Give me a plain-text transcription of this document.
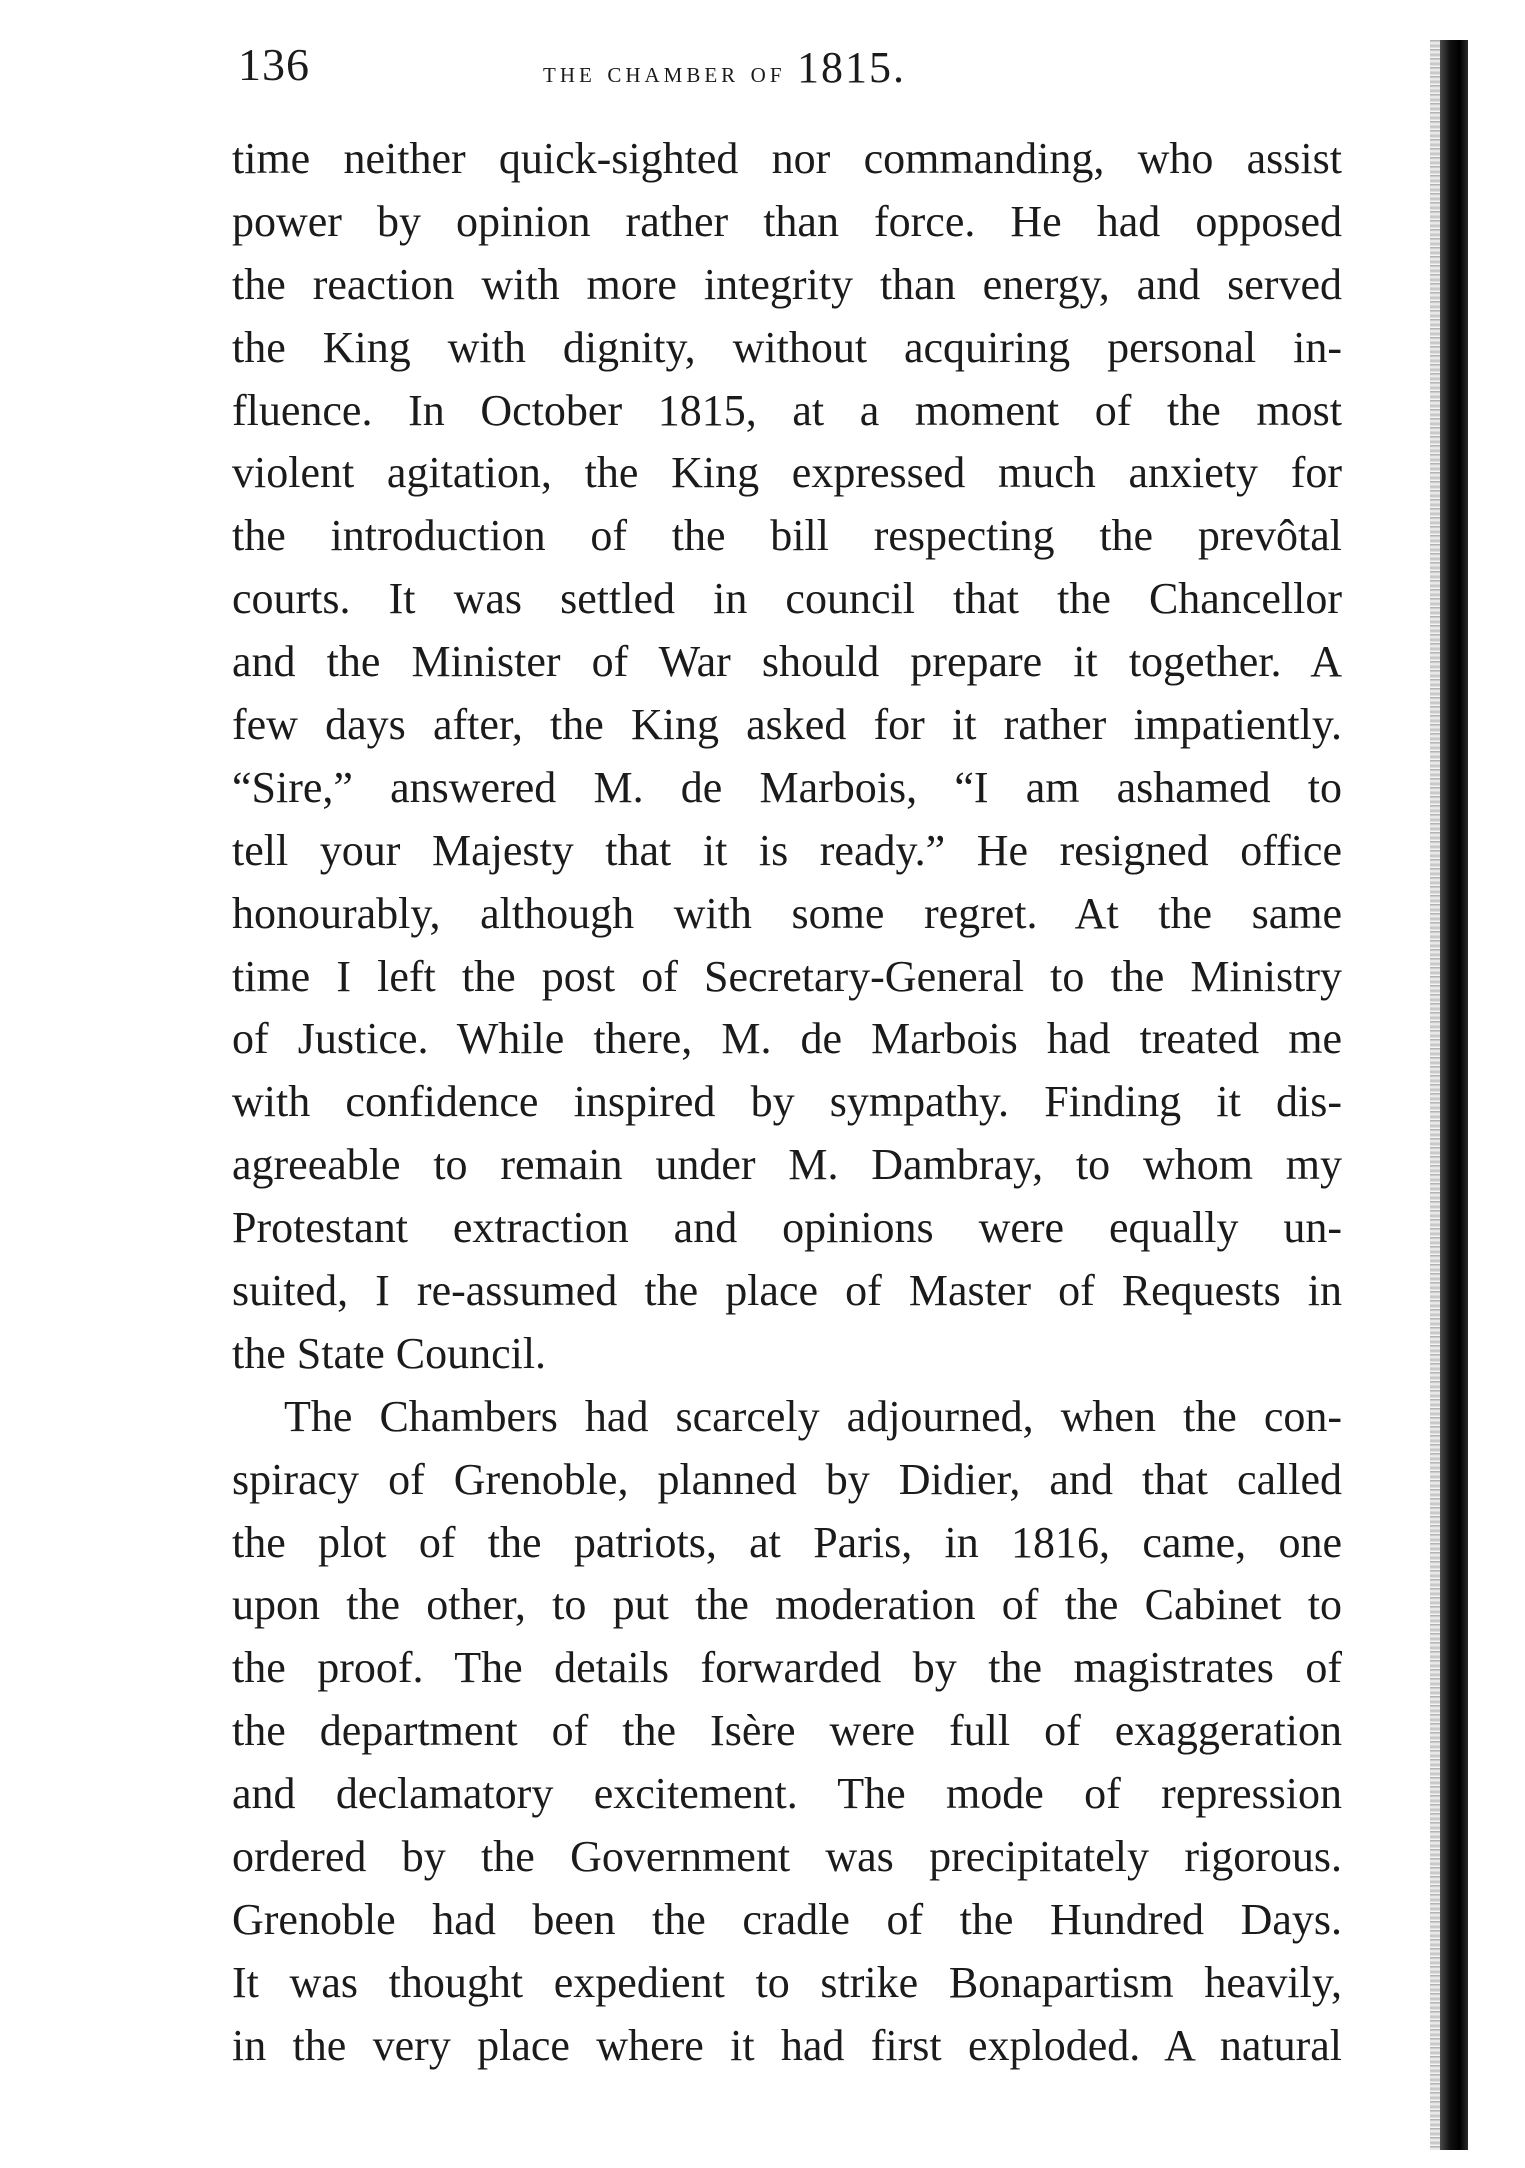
136	the chamber of 1815.
time neither quick-sighted nor commanding, who assist
power by opinion rather than force. He had opposed
the reaction with more integrity than energy, and served
the King with dignity, without acquiring personal in-
fluence. In October 1815, at a moment of the most
violent agitation, the King expressed much anxiety for
the introduction of the bill respecting the prevôtal
courts. It was settled in council that the Chancellor
and the Minister of War should prepare it together. A
few days after, the King asked for it rather impatiently.
“Sire,” answered M. de Marbois, “I am ashamed to
tell your Majesty that it is ready.” He resigned office
honourably, although with some regret. At the same
time I left the post of Secretary-General to the Ministry
of Justice. While there, M. de Marbois had treated me
with confidence inspired by sympathy. Finding it dis-
agreeable to remain under M. Dambray, to whom my
Protestant extraction and opinions were equally un-
suited, I re-assumed the place of Master of Requests in
the State Council.
The Chambers had scarcely adjourned, when the con-
spiracy of Grenoble, planned by Didier, and that called
the plot of the patriots, at Paris, in 1816, came, one
upon the other, to put the moderation of the Cabinet to
the proof. The details forwarded by the magistrates of
the department of the Isère were full of exaggeration
and declamatory excitement. The mode of repression
ordered by the Government was precipitately rigorous.
Grenoble had been the cradle of the Hundred Days.
It was thought expedient to strike Bonapartism heavily,
in the very place where it had first exploded. A natural
